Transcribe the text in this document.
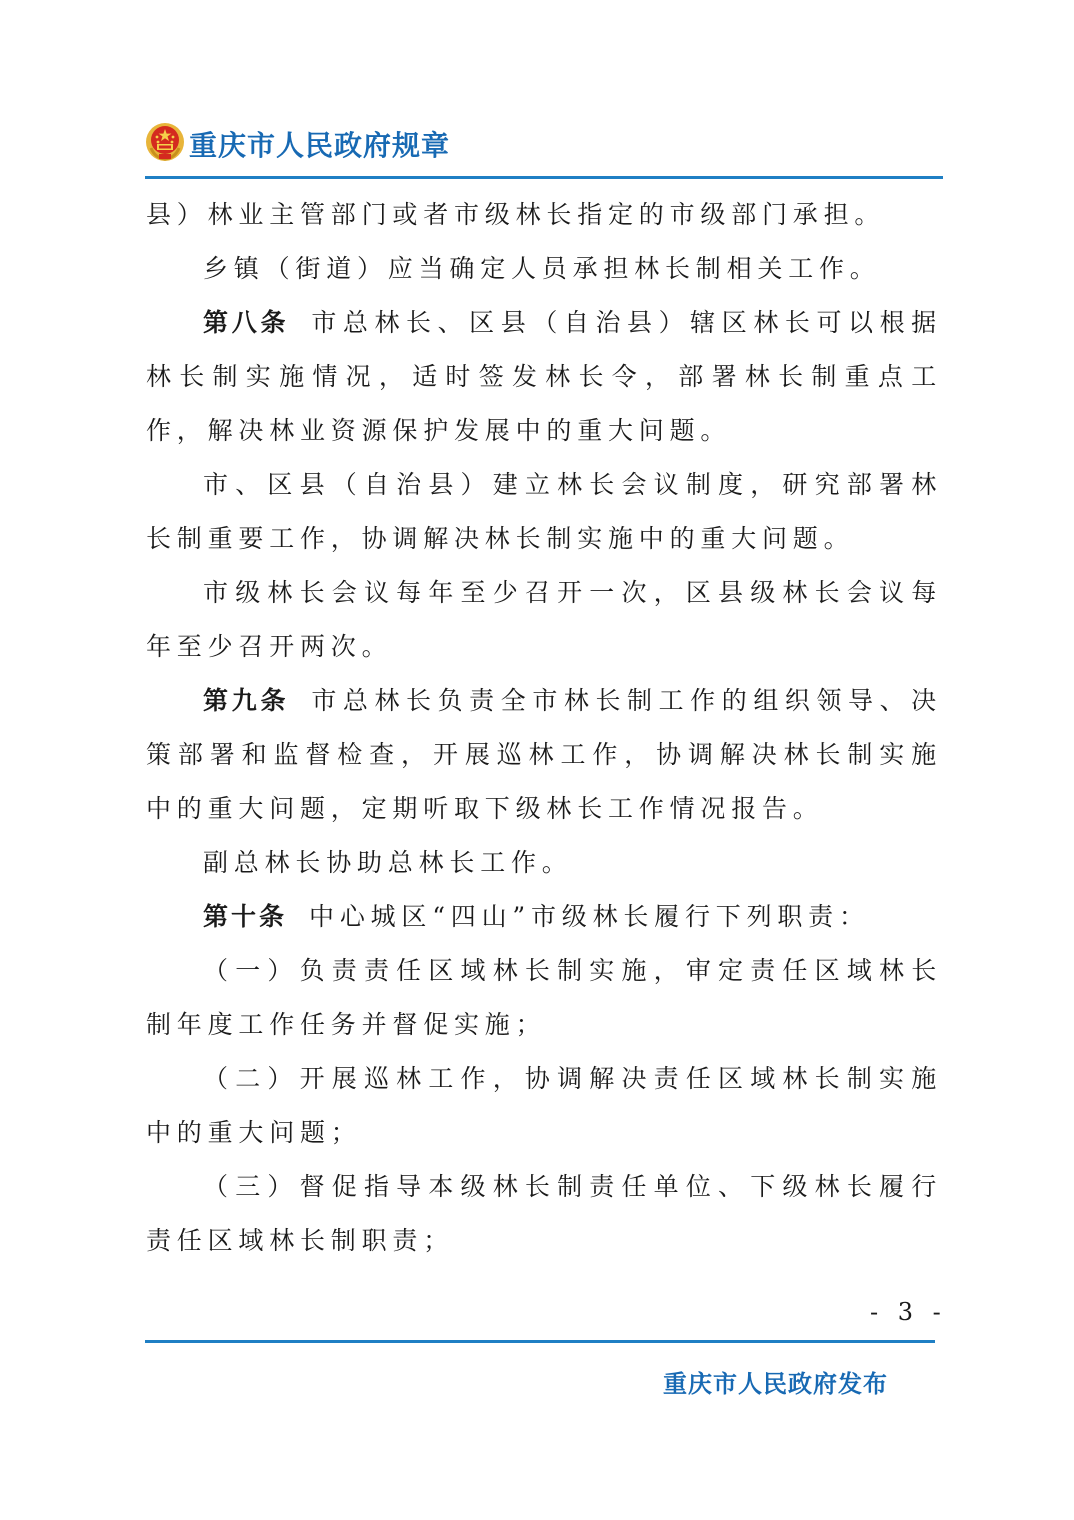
重庆市人民政府规章

县）林业主管部门或者市级林长指定的市级部门承担。

乡镇（街道）应当确定人员承担林长制相关工作。

第八条 市总林长、区县（自治县）辖区林长可以根据林长制实施情况，适时签发林长令，部署林长制重点工作，解决林业资源保护发展中的重大问题。

市、区县（自治县）建立林长会议制度，研究部署林长制重要工作，协调解决林长制实施中的重大问题。

市级林长会议每年至少召开一次，区县级林长会议每年至少召开两次。

第九条 市总林长负责全市林长制工作的组织领导、决策部署和监督检查，开展巡林工作，协调解决林长制实施中的重大问题，定期听取下级林长工作情况报告。

副总林长协助总林长工作。

第十条 中心城区“四山”市级林长履行下列职责：

（一）负责责任区域林长制实施，审定责任区域林长制年度工作任务并督促实施；

（二）开展巡林工作，协调解决责任区域林长制实施中的重大问题；

（三）督促指导本级林长制责任单位、下级林长履行责任区域林长制职责；

- 3 -
重庆市人民政府发布
